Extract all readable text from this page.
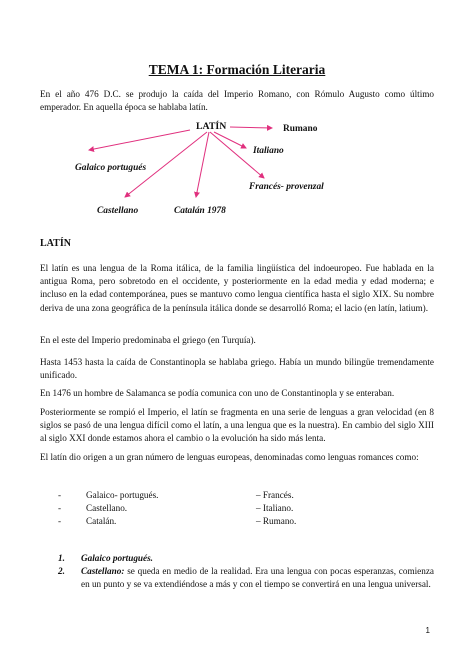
TEMA 1: Formación Literaria

En el año 476 D.C. se produjo la caída del Imperio Romano, con Rómulo Augusto como último emperador. En aquella época se hablaba latín.

LATÍN	Rumano
Italiano
Galaico portugués
Francés- provenzal
Castellano	Catalán 1978
LATÍN

El latín es una lengua de la Roma itálica, de la familia lingüística del indoeuropeo. Fue hablada en la antigua Roma, pero sobretodo en el occidente, y posteriormente en la edad media y edad moderna; e incluso en la edad contemporánea, pues se mantuvo como lengua científica hasta el siglo XIX. Su nombre deriva de una zona geográfica de la península itálica donde se desarrolló Roma; el lacio (en latín, latium).

En el este del Imperio predominaba el griego (en Turquía).

Hasta 1453 hasta la caída de Constantinopla se hablaba griego. Había un mundo bilingüe tremendamente unificado.

En 1476 un hombre de Salamanca se podía comunica con uno de Constantinopla y se enteraban.

Posteriormente se rompió el Imperio, el latín se fragmenta en una serie de lenguas a gran velocidad (en 8 siglos se pasó de una lengua difícil como el latín, a una lengua que es la nuestra). En cambio del siglo XIII al siglo XXI donde estamos ahora el cambio o la evolución ha sido más lenta.

El latín dio origen a un gran número de lenguas europeas, denominadas como lenguas romances como:

-	Galaico- portugués.	– Francés.
-	Castellano.	– Italiano.
-	Catalán.	– Rumano.
1. Galaico portugués.
2. Castellano: se queda en medio de la realidad. Era una lengua con pocas esperanzas, comienza en un punto y se va extendiéndose a más y con el tiempo se convertirá en una lengua universal.
1
